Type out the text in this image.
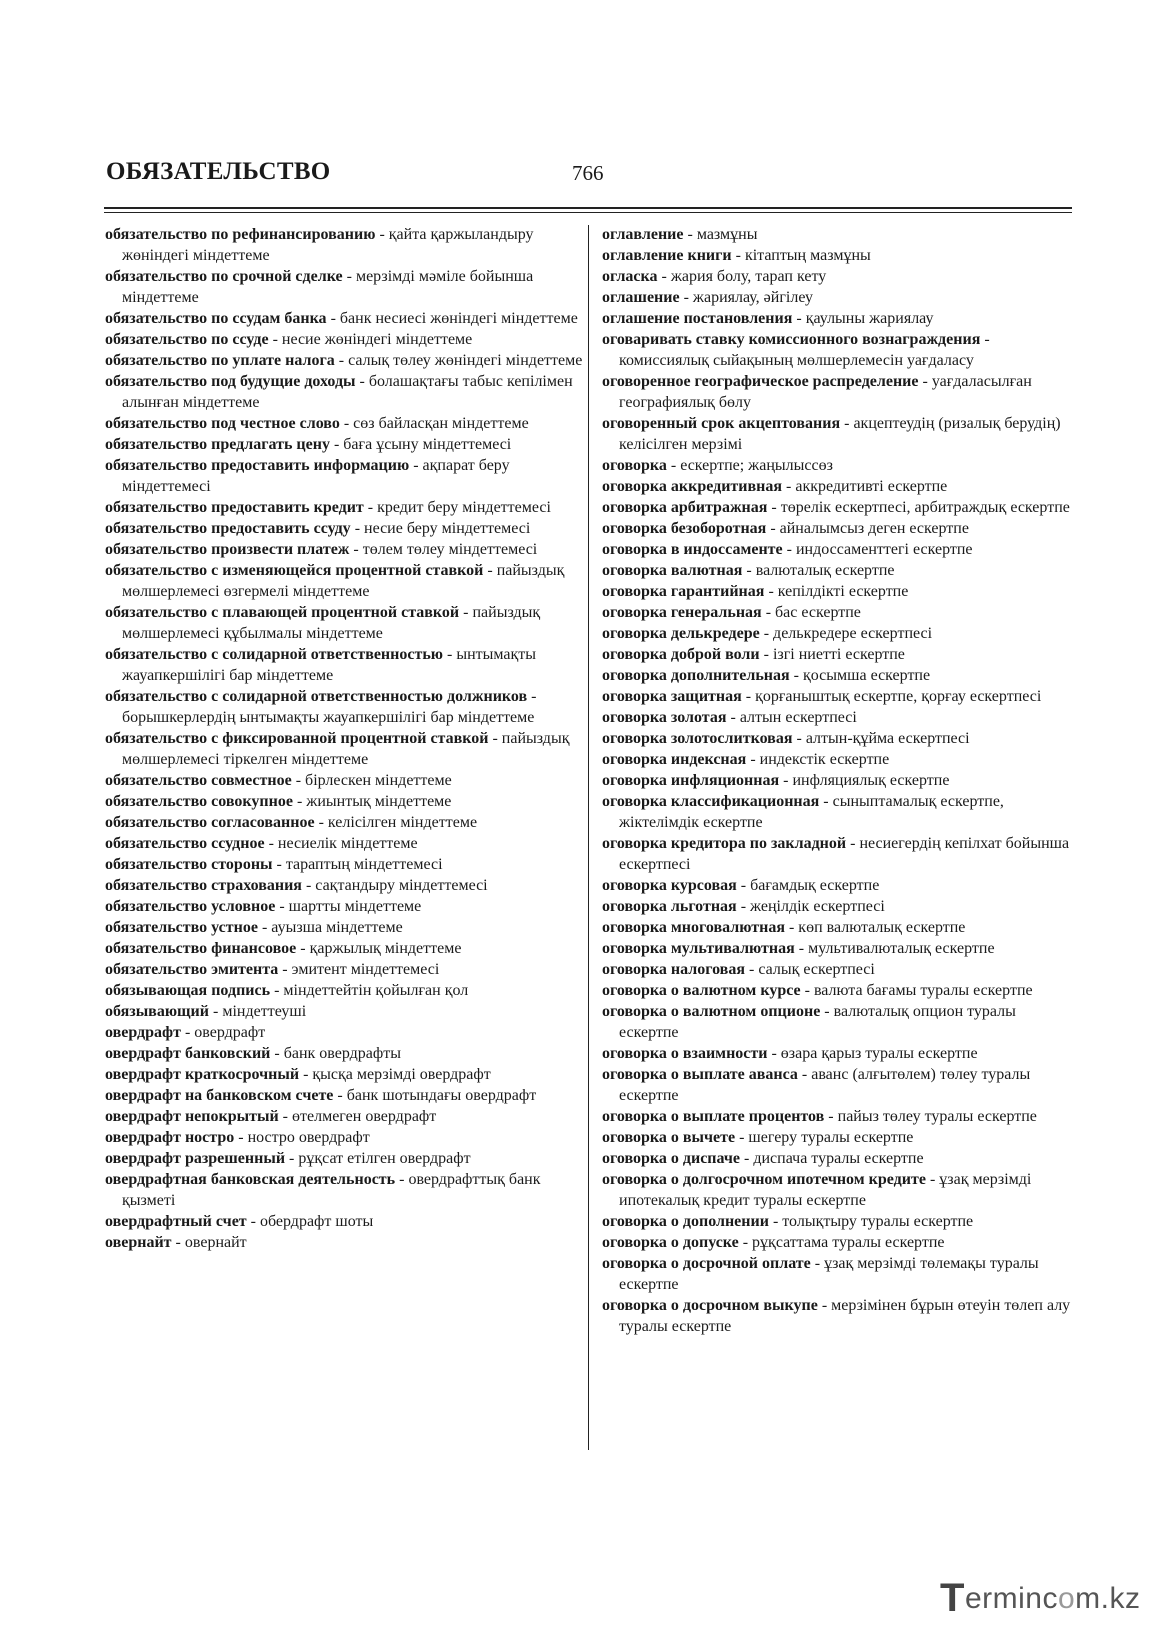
ОБЯЗАТЕЛЬСТВО	766
обязательство по рефинансированию - қайта қаржыландыру жөніндегі міндеттеме
обязательство по срочной сделке - мерзімді мәміле бойынша міндеттеме
обязательство по ссудам банка - банк несиесі жөніндегі міндеттеме
обязательство по ссуде - несие жөніндегі міндеттеме
обязательство по уплате налога - салық төлеу жөніндегі міндеттеме
обязательство под будущие доходы - болашақтағы табыс кепілімен алынған міндеттеме
обязательство под честное слово - сөз байласқан міндеттеме
обязательство предлагать цену - баға ұсыну міндеттемесі
обязательство предоставить информацию - ақпарат беру міндеттемесі
обязательство предоставить кредит - кредит беру міндеттемесі
обязательство предоставить ссуду - несие беру міндеттемесі
обязательство произвести платеж - төлем төлеу міндеттемесі
обязательство с изменяющейся процентной ставкой - пайыздық мөлшерлемесі өзгермелі міндеттеме
обязательство с плавающей процентной ставкой - пайыздық мөлшерлемесі құбылмалы міндеттеме
обязательство с солидарной ответственностью - ынтымақты жауапкершілігі бар міндеттеме
обязательство с солидарной ответственностью должников - борышкерлердің ынтымақты жауапкершілігі бар міндеттеме
обязательство с фиксированной процентной ставкой - пайыздық мөлшерлемесі тіркелген міндеттеме
обязательство совместное - бірлескен міндеттеме
обязательство совокупное - жиынтық міндеттеме
обязательство согласованное - келісілген міндеттеме
обязательство ссудное - несиелік міндеттеме
обязательство стороны - тараптың міндеттемесі
обязательство страхования - сақтандыру міндеттемесі
обязательство условное - шартты міндеттеме
обязательство устное - ауызша міндеттеме
обязательство финансовое - қаржылық міндеттеме
обязательство эмитента - эмитент міндеттемесі
обязывающая подпись - міндеттейтін қойылған қол
обязывающий - міндеттеуші
овердрафт - овердрафт
овердрафт банковский - банк овердрафты
овердрафт краткосрочный - қысқа мерзімді овердрафт
овердрафт на банковском счете - банк шотындағы овердрафт
овердрафт непокрытый - өтелмеген овердрафт
овердрафт ностро - ностро овердрафт
овердрафт разрешенный - рұқсат етілген овердрафт
овердрафтная банковская деятельность - овердрафттық банк қызметі
овердрафтный счет - обердрафт шоты
овернайт - овернайт
оглавление - мазмұны
оглавление книги - кітаптың мазмұны
огласка - жария болу, тарап кету
оглашение - жариялау, әйгілеу
оглашение постановления - қаулыны жариялау
оговаривать ставку комиссионного вознаграждения - комиссиялық сыйақының мөлшерлемесін уағдаласу
оговоренное географическое распределение - уағдаласылған географиялық бөлу
оговоренный срок акцептования - акцептеудің (ризалық берудің) келісілген мерзімі
оговорка - ескертпе; жаңылыссөз
оговорка аккредитивная - аккредитивті ескертпе
оговорка арбитражная - төрелік ескертпесі, арбитраждық ескертпе
оговорка безоборотная - айналымсыз деген ескертпе
оговорка в индоссаменте - индоссаменттегі ескертпе
оговорка валютная - валюталық ескертпе
оговорка гарантийная - кепілдікті ескертпе
оговорка генеральная - бас ескертпе
оговорка делькредере - делькредере ескертпесі
оговорка доброй воли - ізгі ниетті ескертпе
оговорка дополнительная - қосымша ескертпе
оговорка защитная - қорғаныштық ескертпе, қорғау ескертпесі
оговорка золотая - алтын ескертпесі
оговорка золотослитковая - алтын-құйма ескертпесі
оговорка индексная - индекстік ескертпе
оговорка инфляционная - инфляциялық ескертпе
оговорка классификационная - сыныптамалық ескертпе, жіктелімдік ескертпе
оговорка кредитора по закладной - несиегердің кепілхат бойынша ескертпесі
оговорка курсовая - бағамдық ескертпе
оговорка льготная - жеңілдік ескертпесі
оговорка многовалютная - көп валюталық ескертпе
оговорка мультивалютная - мультивалюталық ескертпе
оговорка налоговая - салық ескертпесі
оговорка о валютном курсе - валюта бағамы туралы ескертпе
оговорка о валютном опционе - валюталық опцион туралы ескертпе
оговорка о взаимности - өзара қарыз туралы ескертпе
оговорка о выплате аванса - аванс (алғытөлем) төлеу туралы ескертпе
оговорка о выплате процентов - пайыз төлеу туралы ескертпе
оговорка о вычете - шегеру туралы ескертпе
оговорка о диспаче - диспача туралы ескертпе
оговорка о долгосрочном ипотечном кредите - ұзақ мерзімді ипотекалық кредит туралы ескертпе
оговорка о дополнении - толықтыру туралы ескертпе
оговорка о допуске - рұқсаттама туралы ескертпе
оговорка о досрочной оплате - ұзақ мерзімді төлемақы туралы ескертпе
оговорка о досрочном выкупе - мерзімінен бұрын өтеуін төлеп алу туралы ескертпе
Termincom.kz
